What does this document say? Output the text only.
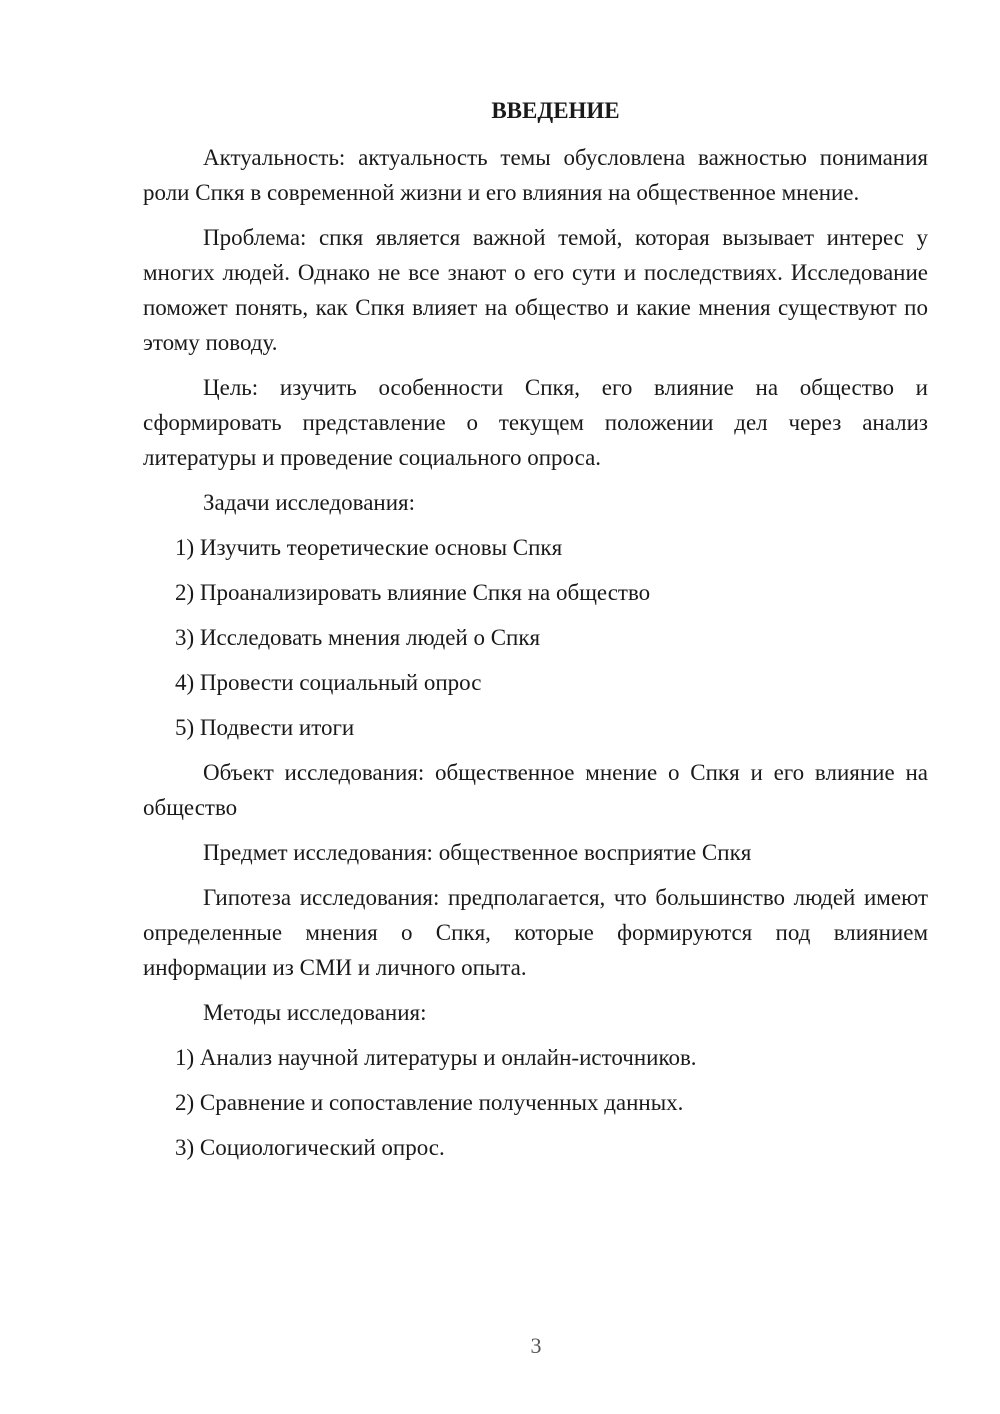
ВВЕДЕНИЕ

Актуальность: актуальность темы обусловлена важностью понимания роли Спкя в современной жизни и его влияния на общественное мнение.

Проблема: спкя является важной темой, которая вызывает интерес у многих людей. Однако не все знают о его сути и последствиях. Исследование поможет понять, как Спкя влияет на общество и какие мнения существуют по этому поводу.

Цель: изучить особенности Спкя, его влияние на общество и сформировать представление о текущем положении дел через анализ литературы и проведение социального опроса.

Задачи исследования:

1) Изучить теоретические основы Спкя
2) Проанализировать влияние Спкя на общество
3) Исследовать мнения людей о Спкя
4) Провести социальный опрос
5) Подвести итоги

Объект исследования: общественное мнение о Спкя и его влияние на общество

Предмет исследования: общественное восприятие Спкя

Гипотеза исследования: предполагается, что большинство людей имеют определенные мнения о Спкя, которые формируются под влиянием информации из СМИ и личного опыта.

Методы исследования:

1) Анализ научной литературы и онлайн-источников.
2) Сравнение и сопоставление полученных данных.
3) Социологический опрос.
3
